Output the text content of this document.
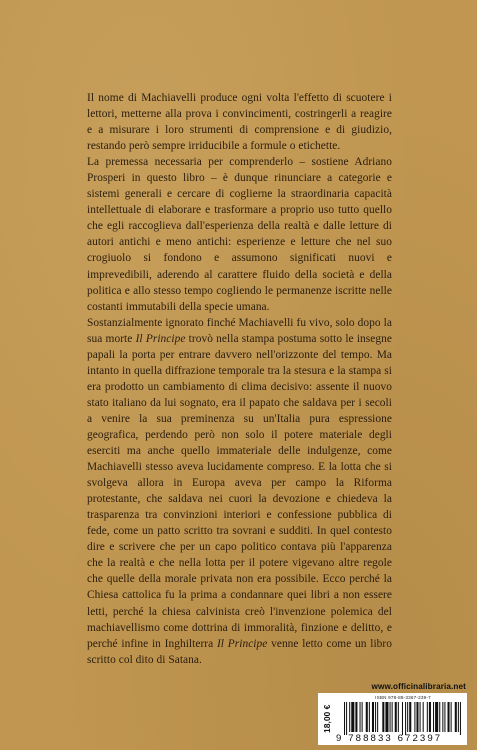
Il nome di Machiavelli produce ogni volta l'effetto di scuotere i lettori, metterne alla prova i convincimenti, costringerli a reagire e a misurare i loro strumenti di comprensione e di giudizio, restando però sempre irriducibile a formule o etichette.

La premessa necessaria per comprenderlo – sostiene Adriano Prosperi in questo libro – è dunque rinunciare a categorie e sistemi generali e cercare di coglierne la straordinaria capacità intellettuale di elaborare e trasformare a proprio uso tutto quello che egli raccoglieva dall'esperienza della realtà e dalle letture di autori antichi e meno antichi: esperienze e letture che nel suo crogiuolo si fondono e assumono significati nuovi e imprevedibili, aderendo al carattere fluido della società e della politica e allo stesso tempo cogliendo le permanenze iscritte nelle costanti immutabili della specie umana.

Sostanzialmente ignorato finché Machiavelli fu vivo, solo dopo la sua morte Il Principe trovò nella stampa postuma sotto le insegne papali la porta per entrare davvero nell'orizzonte del tempo. Ma intanto in quella diffrazione temporale tra la stesura e la stampa si era prodotto un cambiamento di clima decisivo: assente il nuovo stato italiano da lui sognato, era il papato che saldava per i secoli a venire la sua preminenza su un'Italia pura espressione geografica, perdendo però non solo il potere materiale degli eserciti ma anche quello immateriale delle indulgenze, come Machiavelli stesso aveva lucidamente compreso. E la lotta che si svolgeva allora in Europa aveva per campo la Riforma protestante, che saldava nei cuori la devozione e chiedeva la trasparenza tra convinzioni interiori e confessione pubblica di fede, come un patto scritto tra sovrani e sudditi. In quel contesto dire e scrivere che per un capo politico contava più l'apparenza che la realtà e che nella lotta per il potere vigevano altre regole che quelle della morale privata non era possibile. Ecco perché la Chiesa cattolica fu la prima a condannare quei libri a non essere letti, perché la chiesa calvinista creò l'invenzione polemica del machiavellismo come dottrina di immoralità, finzione e delitto, e perché infine in Inghilterra Il Principe venne letto come un libro scritto col dito di Satana.

www.officinalibraria.net
18,00 €
ISBN 978-88-3367-239-7
9 788833 672397
